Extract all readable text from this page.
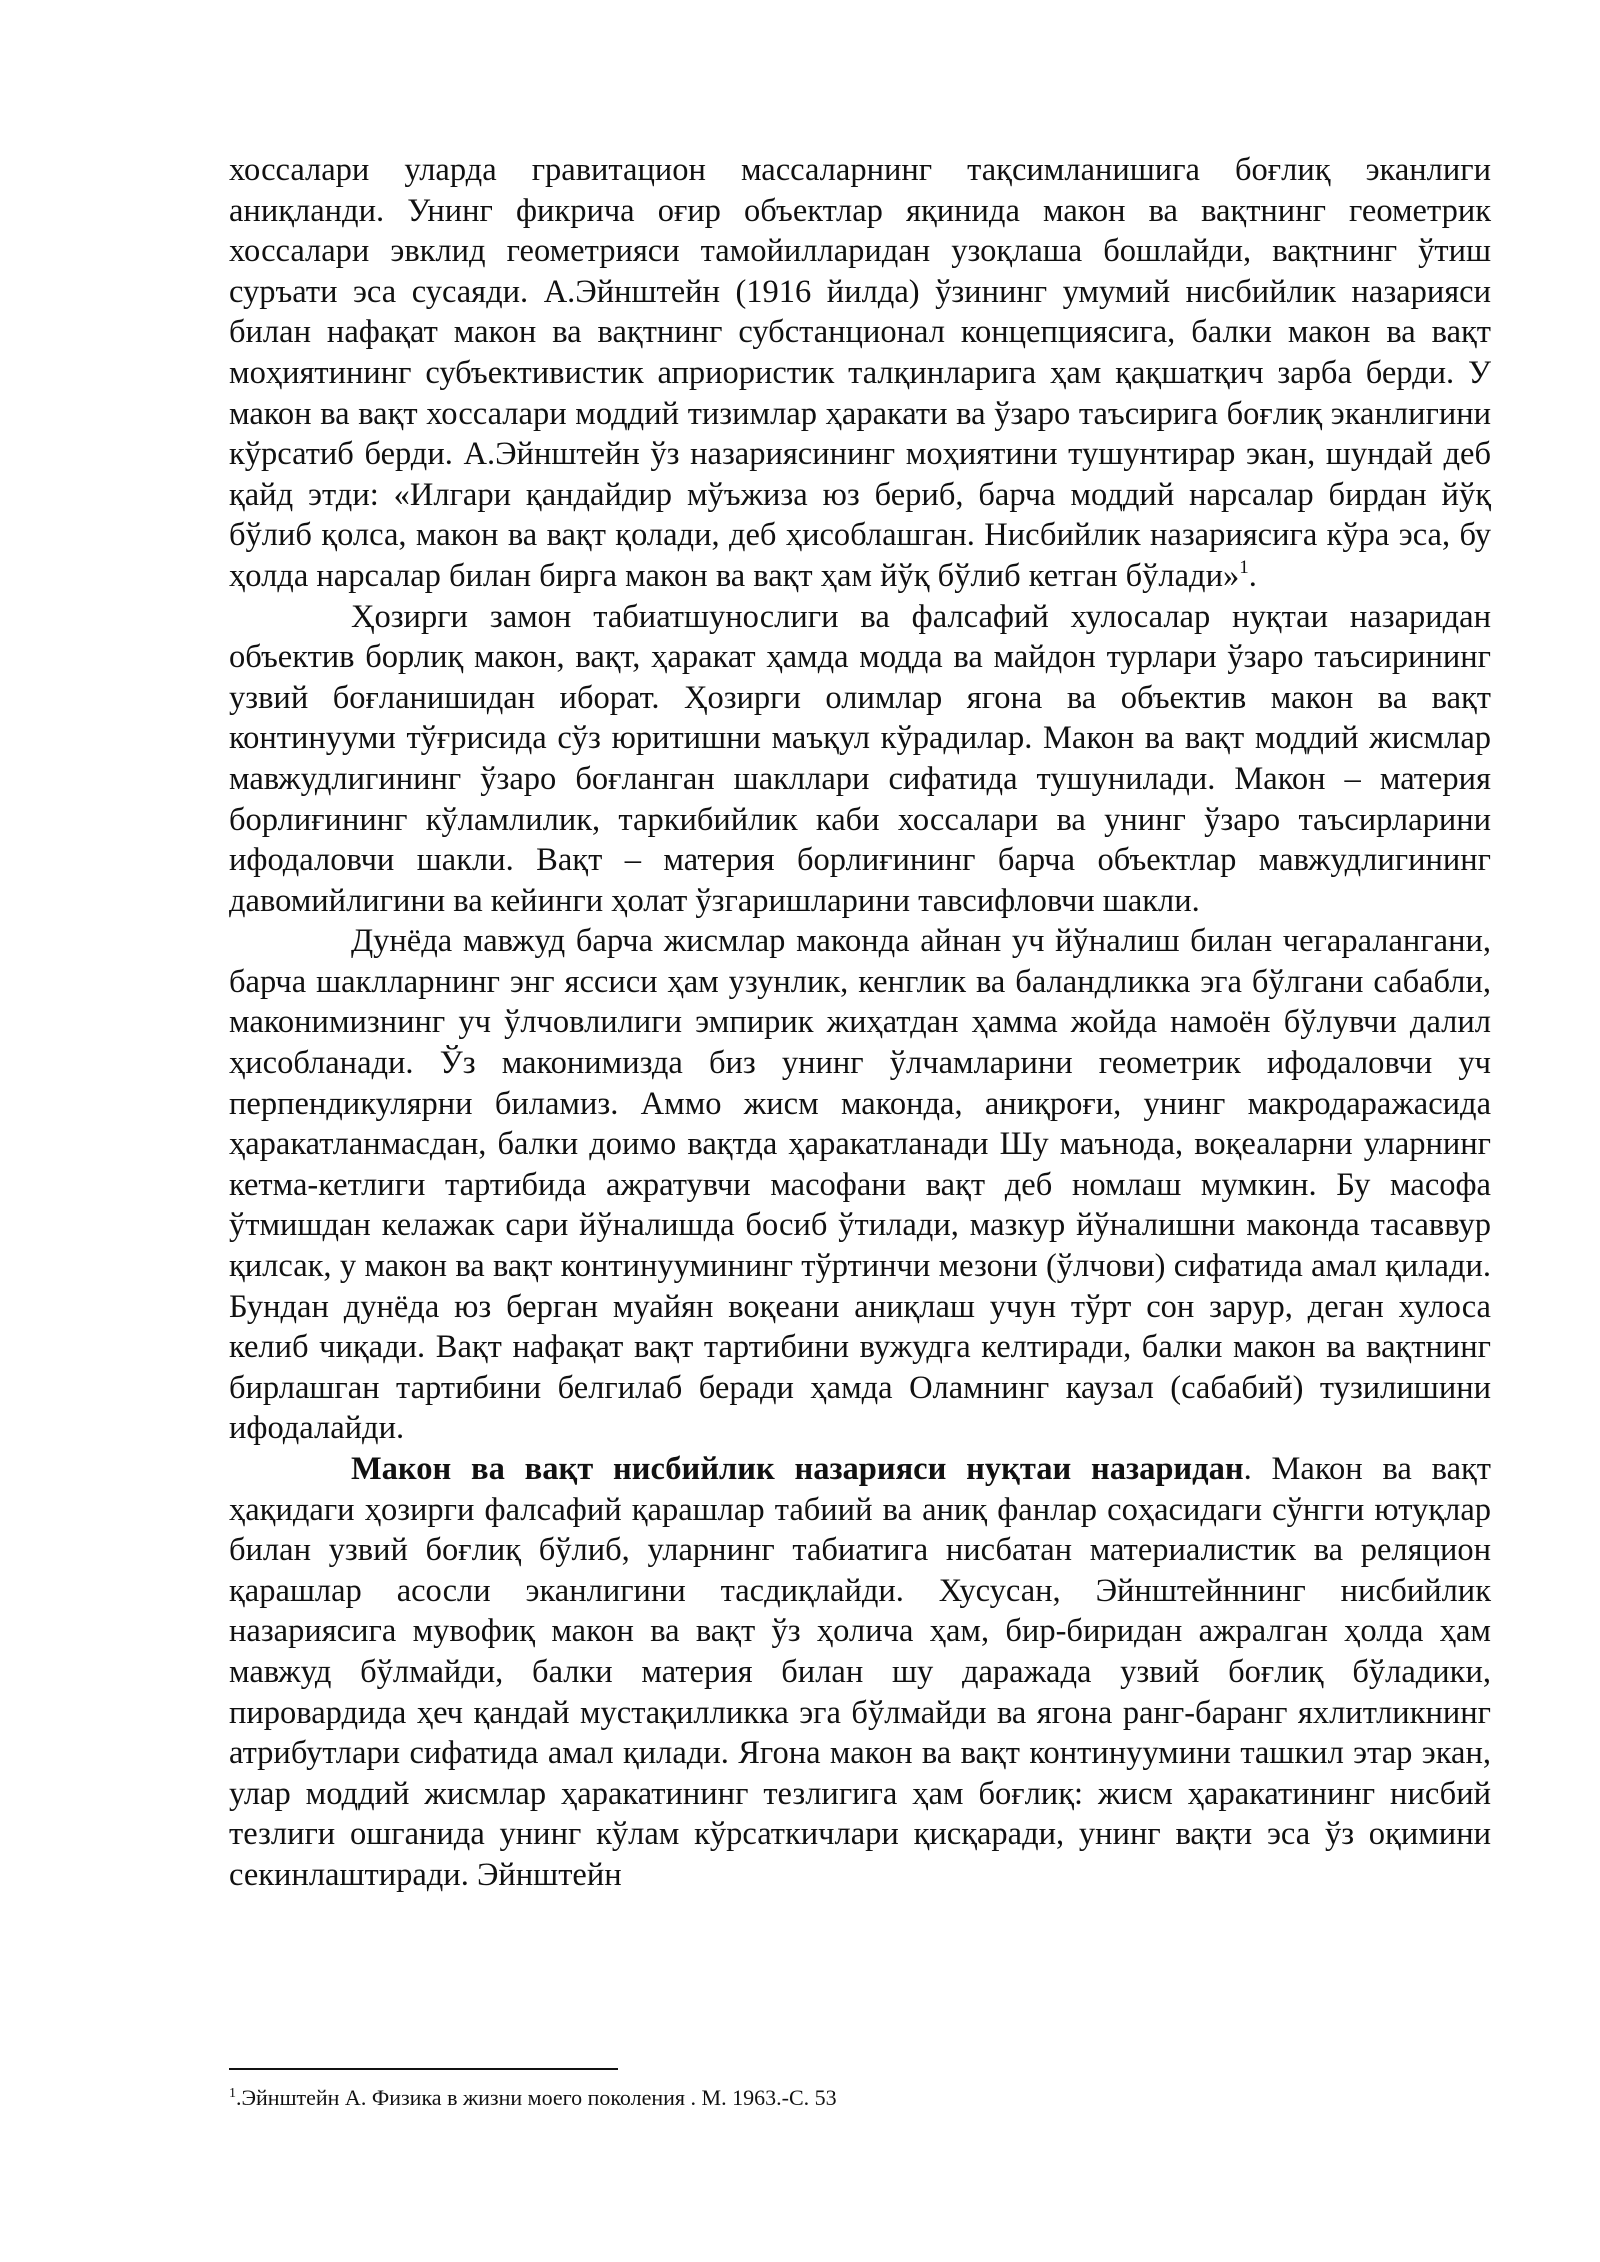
хоссалари уларда гравитацион массаларнинг тақсимланишига боғлиқ эканлиги аниқланди. Унинг фикрича оғир объектлар яқинида макон ва вақтнинг геометрик хоссалари эвклид геометрияси тамойилларидан узоқлаша бошлайди, вақтнинг ўтиш суръати эса сусаяди. А.Эйнштейн (1916 йилда) ўзининг умумий нисбийлик назарияси билан нафақат макон ва вақтнинг субстанционал концепциясига, балки макон ва вақт моҳиятининг субъективистик априористик талқинларига ҳам қақшатқич зарба берди. У макон ва вақт хоссалари моддий тизимлар ҳаракати ва ўзаро таъсирига боғлиқ эканлигини кўрсатиб берди. А.Эйнштейн ўз назариясининг моҳиятини тушунтирар экан, шундай деб қайд этди: «Илгари қандайдир мўъжиза юз бериб, барча моддий нарсалар бирдан йўқ бўлиб қолса, макон ва вақт қолади, деб ҳисоблашган. Нисбийлик назариясига кўра эса, бу ҳолда нарсалар билан бирга макон ва вақт ҳам йўқ бўлиб кетган бўлади»$^1$.

Ҳозирги замон табиатшунослиги ва фалсафий хулосалар нуқтаи назаридан объектив борлиқ макон, вақт, ҳаракат ҳамда модда ва майдон турлари ўзаро таъсирининг узвий боғланишидан иборат. Ҳозирги олимлар ягона ва объектив макон ва вақт континууми тўғрисида сўз юритишни маъқул кўрадилар. Макон ва вақт моддий жисмлар мавжудлигининг ўзаро боғланган шакллари сифатида тушунилади. Макон – материя борлиғининг кўламлилик, таркибийлик каби хоссалари ва унинг ўзаро таъсирларини ифодаловчи шакли. Вақт – материя борлиғининг барча объектлар мавжудлигининг давомийлигини ва кейинги ҳолат ўзгаришларини тавсифловчи шакли.

Дунёда мавжуд барча жисмлар маконда айнан уч йўналиш билан чегаралангани, барча шаклларнинг энг яссиси ҳам узунлик, кенглик ва баландликка эга бўлгани сабабли, маконимизнинг уч ўлчовлилиги эмпирик жиҳатдан ҳамма жойда намоён бўлувчи далил ҳисобланади. Ўз маконимизда биз унинг ўлчамларини геометрик ифодаловчи уч перпендикулярни биламиз. Аммо жисм маконда, аниқроғи, унинг макродаражасида ҳаракатланмасдан, балки доимо вақтда ҳаракатланади Шу маънода, воқеаларни уларнинг кетма-кетлиги тартибида ажратувчи масофани вақт деб номлаш мумкин. Бу масофа ўтмишдан келажак сари йўналишда босиб ўтилади, мазкур йўналишни маконда тасаввур қилсак, у макон ва вақт континуумининг тўртинчи мезони (ўлчови) сифатида амал қилади. Бундан дунёда юз берган муайян воқеани аниқлаш учун тўрт сон зарур, деган хулоса келиб чиқади. Вақт нафақат вақт тартибини вужудга келтиради, балки макон ва вақтнинг бирлашган тартибини белгилаб беради ҳамда Оламнинг каузал (сабабий) тузилишини ифодалайди.

Макон ва вақт нисбийлик назарияси нуқтаи назаридан. Макон ва вақт ҳақидаги ҳозирги фалсафий қарашлар табиий ва аниқ фанлар соҳасидаги сўнгги ютуқлар билан узвий боғлиқ бўлиб, уларнинг табиатига нисбатан материалистик ва реляцион қарашлар асосли эканлигини тасдиқлайди. Хусусан, Эйнштейннинг нисбийлик назариясига мувофиқ макон ва вақт ўз ҳолича ҳам, бир-биридан ажралган ҳолда ҳам мавжуд бўлмайди, балки материя билан шу даражада узвий боғлиқ бўладики, пировардида ҳеч қандай мустақилликка эга бўлмайди ва ягона ранг-баранг яхлитликнинг атрибутлари сифатида амал қилади. Ягона макон ва вақт континуумини ташкил этар экан, улар моддий жисмлар ҳаракатининг тезлигига ҳам боғлиқ: жисм ҳаракатининг нисбий тезлиги ошганида унинг кўлам кўрсаткичлари қисқаради, унинг вақти эса ўз оқимини секинлаштиради. Эйнштейн

$^1$.Эйнштейн А. Физика в жизни моего поколения . М. 1963.-С. 53
